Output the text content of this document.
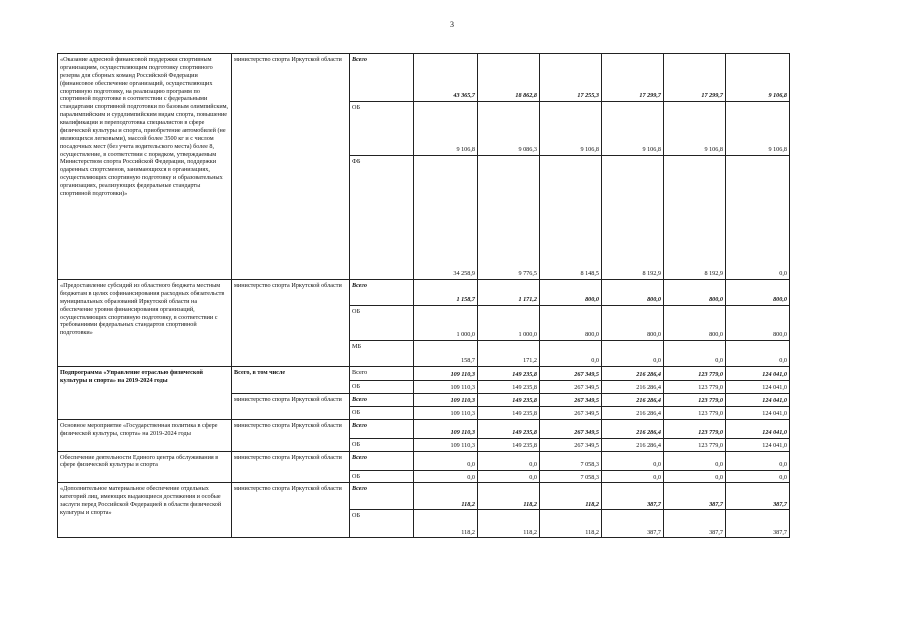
3
«Оказание адресной финансовой поддержки спортивным организациям, осуществляющим подготовку спортивного резерва для сборных команд Российской Федерации (финансовое обеспечение организаций, осуществляющих спортивную подготовку, на реализацию программ по спортивной подготовке в соответствии с федеральными стандартами спортивной подготовки по базовым олимпийским, паралимпийским и сурдлимпийским видам спорта, повышение квалификации и переподготовка специалистов в сфере физической культуры и спорта, приобретение автомобилей (не являющихся легковыми), массой более 3500 кг и с числом посадочных мест (без учета водительского места) более 8, осуществление, в соответствии с порядком, утверждаемым Министерством спорта Российской Федерации, поддержки одаренных спортсменов, занимающихся в организациях, осуществляющих спортивную подготовку и образовательных организациях, реализующих федеральные стандарты спортивной подготовки)»	министерство спорта Иркутской области	Всего	43 365,7	18 862,8	17 255,3	17 299,7	17 299,7	9 106,8
		ОБ	9 106,8	9 086,3	9 106,8	9 106,8	9 106,8	9 106,8
		ФБ	34 258,9	9 776,5	8 148,5	8 192,9	8 192,9	0,0
«Предоставление субсидий из областного бюджета местным бюджетам в целях софинансирования расходных обязательств муниципальных образований Иркутской области на обеспечение уровня финансирования организаций, осуществляющих спортивную подготовку, в соответствии с требованиями федеральных стандартов спортивной подготовки»	министерство спорта Иркутской области	Всего	1 158,7	1 171,2	800,0	800,0	800,0	800,0
		ОБ	1 000,0	1 000,0	800,0	800,0	800,0	800,0
		МБ	158,7	171,2	0,0	0,0	0,0	0,0
Подпрограмма «Управление отраслью физической культуры и спорта» на 2019-2024 годы	Всего, в том числе	Всего	109 110,3	149 235,8	267 349,5	216 286,4	123 779,0	124 041,0
		ОБ	109 110,3	149 235,8	267 349,5	216 286,4	123 779,0	124 041,0
	министерство спорта Иркутской области	Всего	109 110,3	149 235,8	267 349,5	216 286,4	123 779,0	124 041,0
		ОБ	109 110,3	149 235,8	267 349,5	216 286,4	123 779,0	124 041,0
Основное мероприятие «Государственная политика в сфере физической культуры, спорта» на 2019-2024 годы	министерство спорта Иркутской области	Всего	109 110,3	149 235,8	267 349,5	216 286,4	123 779,0	124 041,0
		ОБ	109 110,3	149 235,8	267 349,5	216 286,4	123 779,0	124 041,0
Обеспечение деятельности Единого центра обслуживания в сфере физической культуры и спорта	министерство спорта Иркутской области	Всего	0,0	0,0	7 058,3	0,0	0,0	0,0
		ОБ	0,0	0,0	7 058,3	0,0	0,0	0,0
«Дополнительное материальное обеспечение отдельных категорий лиц, имеющих выдающиеся достижения и особые заслуги перед Российской Федерацией в области физической культуры и спорта»	министерство спорта Иркутской области	Всего	118,2	118,2	118,2	387,7	387,7	387,7
		ОБ	118,2	118,2	118,2	387,7	387,7	387,7
